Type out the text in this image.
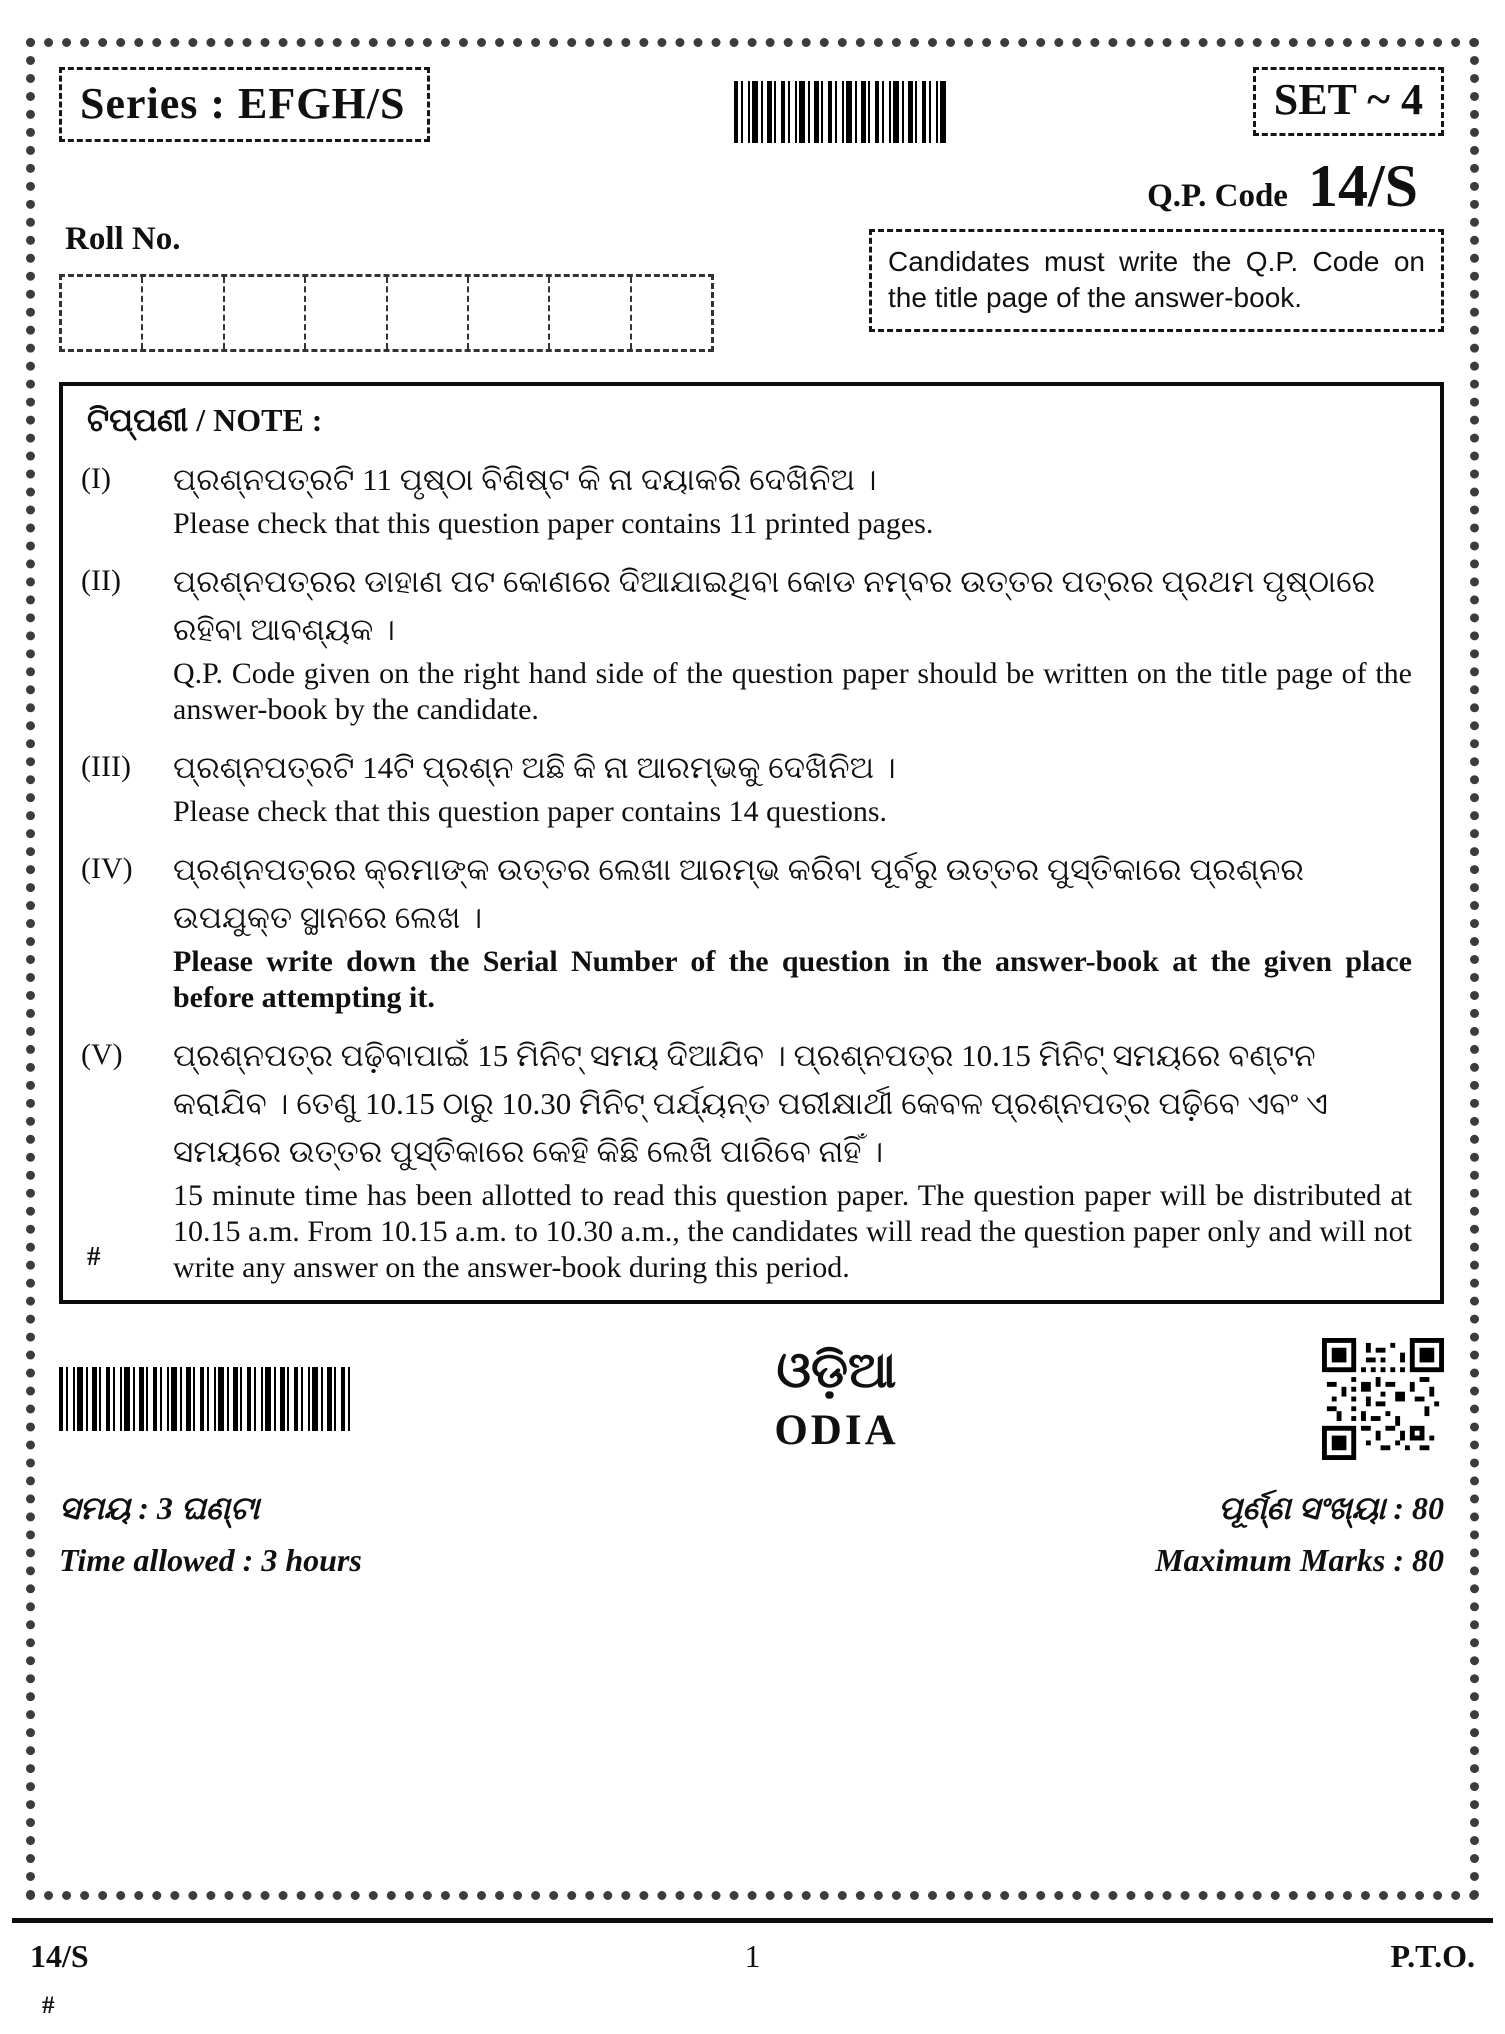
Series : EFGH/S	SET ~ 4
Q.P. Code 14/S
Roll No.
Candidates must write the Q.P. Code on the title page of the answer-book.
ଟିପ୍ପଣୀ / NOTE :
(I)	ପ୍ରଶ୍ନପତ୍ରଟି 11 ପୃଷ୍ଠା ବିଶିଷ୍ଟ କି ନା ଦୟାକରି ଦେଖିନିଅ ।
Please check that this question paper contains 11 printed pages.
(II)	ପ୍ରଶ୍ନପତ୍ରର ଡାହାଣ ପଟ କୋଣରେ ଦିଆଯାଇଥିବା କୋଡ ନମ୍ବର ଉତ୍ତର ପତ୍ରର ପ୍ରଥମ ପୃଷ୍ଠାରେ ରହିବା ଆବଶ୍ୟକ ।
Q.P. Code given on the right hand side of the question paper should be written on the title page of the answer-book by the candidate.
(III)	ପ୍ରଶ୍ନପତ୍ରଟି 14ଟି ପ୍ରଶ୍ନ ଅଛି କି ନା ଆରମ୍ଭକୁ ଦେଖିନିଅ ।
Please check that this question paper contains 14 questions.
(IV)	ପ୍ରଶ୍ନପତ୍ରର କ୍ରମାଙ୍କ ଉତ୍ତର ଲେଖା ଆରମ୍ଭ କରିବା ପୂର୍ବରୁ ଉତ୍ତର ପୁସ୍ତିକାରେ ପ୍ରଶ୍ନର ଉପଯୁକ୍ତ ସ୍ଥାନରେ ଲେଖ ।
Please write down the Serial Number of the question in the answer-book at the given place before attempting it.
(V)	ପ୍ରଶ୍ନପତ୍ର ପଢ଼ିବାପାଇଁ 15 ମିନିଟ୍ ସମୟ ଦିଆଯିବ । ପ୍ରଶ୍ନପତ୍ର 10.15 ମିନିଟ୍ ସମୟରେ ବଣ୍ଟନ କରାଯିବ । ତେଣୁ 10.15 ଠାରୁ 10.30 ମିନିଟ୍ ପର୍ଯ୍ୟନ୍ତ ପରୀକ୍ଷାର୍ଥୀ କେବଳ ପ୍ରଶ୍ନପତ୍ର ପଢ଼ିବେ ଏବଂ ଏ ସମୟରେ ଉତ୍ତର ପୁସ୍ତିକାରେ କେହି କିଛି ଲେଖି ପାରିବେ ନାହିଁ ।
15 minute time has been allotted to read this question paper. The question paper will be distributed at 10.15 a.m. From 10.15 a.m. to 10.30 a.m., the candidates will read the question paper only and will not write any answer on the answer-book during this period.
#
ଓଡ଼ିଆ
ODIA
ସମୟ : 3 ଘଣ୍ଟା	ପୂର୍ଣ୍ଣ ସଂଖ୍ୟା : 80
Time allowed : 3 hours	Maximum Marks : 80
14/S	1	P.T.O.
#
